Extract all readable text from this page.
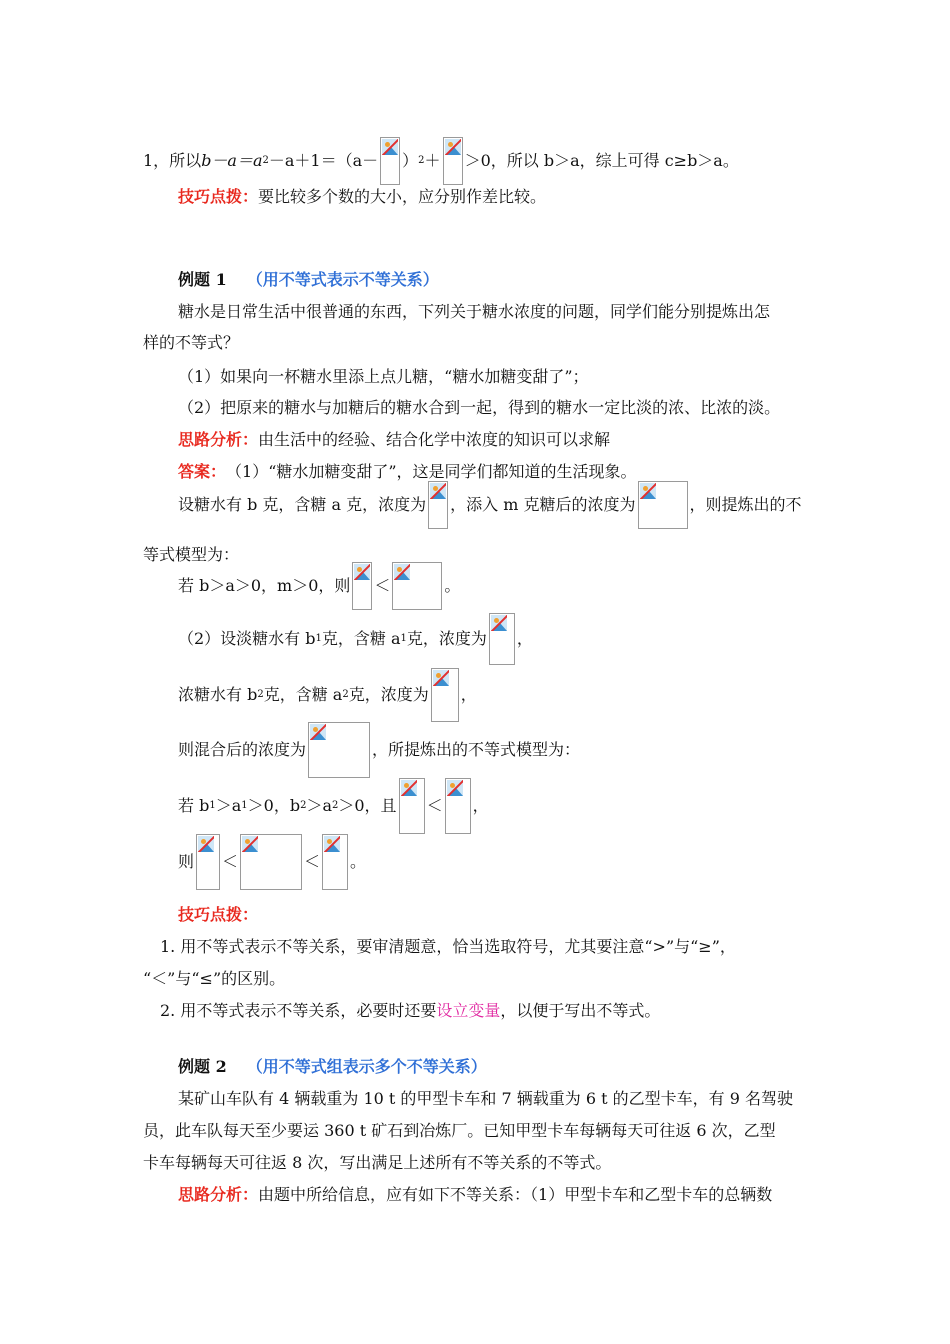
1，所以 b－a＝a 2 －a＋1＝（a－ ） 2 ＋ ＞0，所以 b＞a，综上可得 c≥b＞a。
技巧点拨： 要比较多个数的大小，应分别作差比较。
例题 1 （用不等式表示不等关系）
糖水是日常生活中很普通的东西，下列关于糖水浓度的问题，同学们能分别提炼出怎
样的不等式？
（1）如果向一杯糖水里添上点儿糖，“糖水加糖变甜了”；
（2）把原来的糖水与加糖后的糖水合到一起，得到的糖水一定比淡的浓、比浓的淡。
思路分析： 由生活中的经验、结合化学中浓度的知识可以求解
答案： （1）“糖水加糖变甜了”，这是同学们都知道的生活现象。
设糖水有 b 克，含糖 a 克，浓度为 ，添入 m 克糖后的浓度为	，则提炼出的不
等式模型为：
若 b＞a＞0，m＞0，则 ＜	。
（2）设淡糖水有 b 1 克，含糖 a 1 克，浓度为 ，
浓糖水有 b 2 克，含糖 a 2 克，浓度为 ，
则混合后的浓度为	，所提炼出的不等式模型为：
若 b 1 ＞a 1 ＞0，b 2 ＞a 2 ＞0，且 ＜ ，
则 ＜	＜ 。
技巧点拨：
1. 用不等式表示不等关系，要审清题意，恰当选取符号，尤其要注意“>”与“≥”，
“＜”与“≤”的区别。
2. 用不等式表示不等关系，必要时还要 设立变量 ，以便于写出不等式。
例题 2 （用不等式组表示多个不等关系）
某矿山车队有 4 辆载重为 10 t 的甲型卡车和 7 辆载重为 6 t 的乙型卡车，有 9 名驾驶
员，此车队每天至少要运 360 t 矿石到冶炼厂。已知甲型卡车每辆每天可往返 6 次，乙型
卡车每辆每天可往返 8 次，写出满足上述所有不等关系的不等式。
思路分析： 由题中所给信息，应有如下不等关系：（1）甲型卡车和乙型卡车的总辆数
